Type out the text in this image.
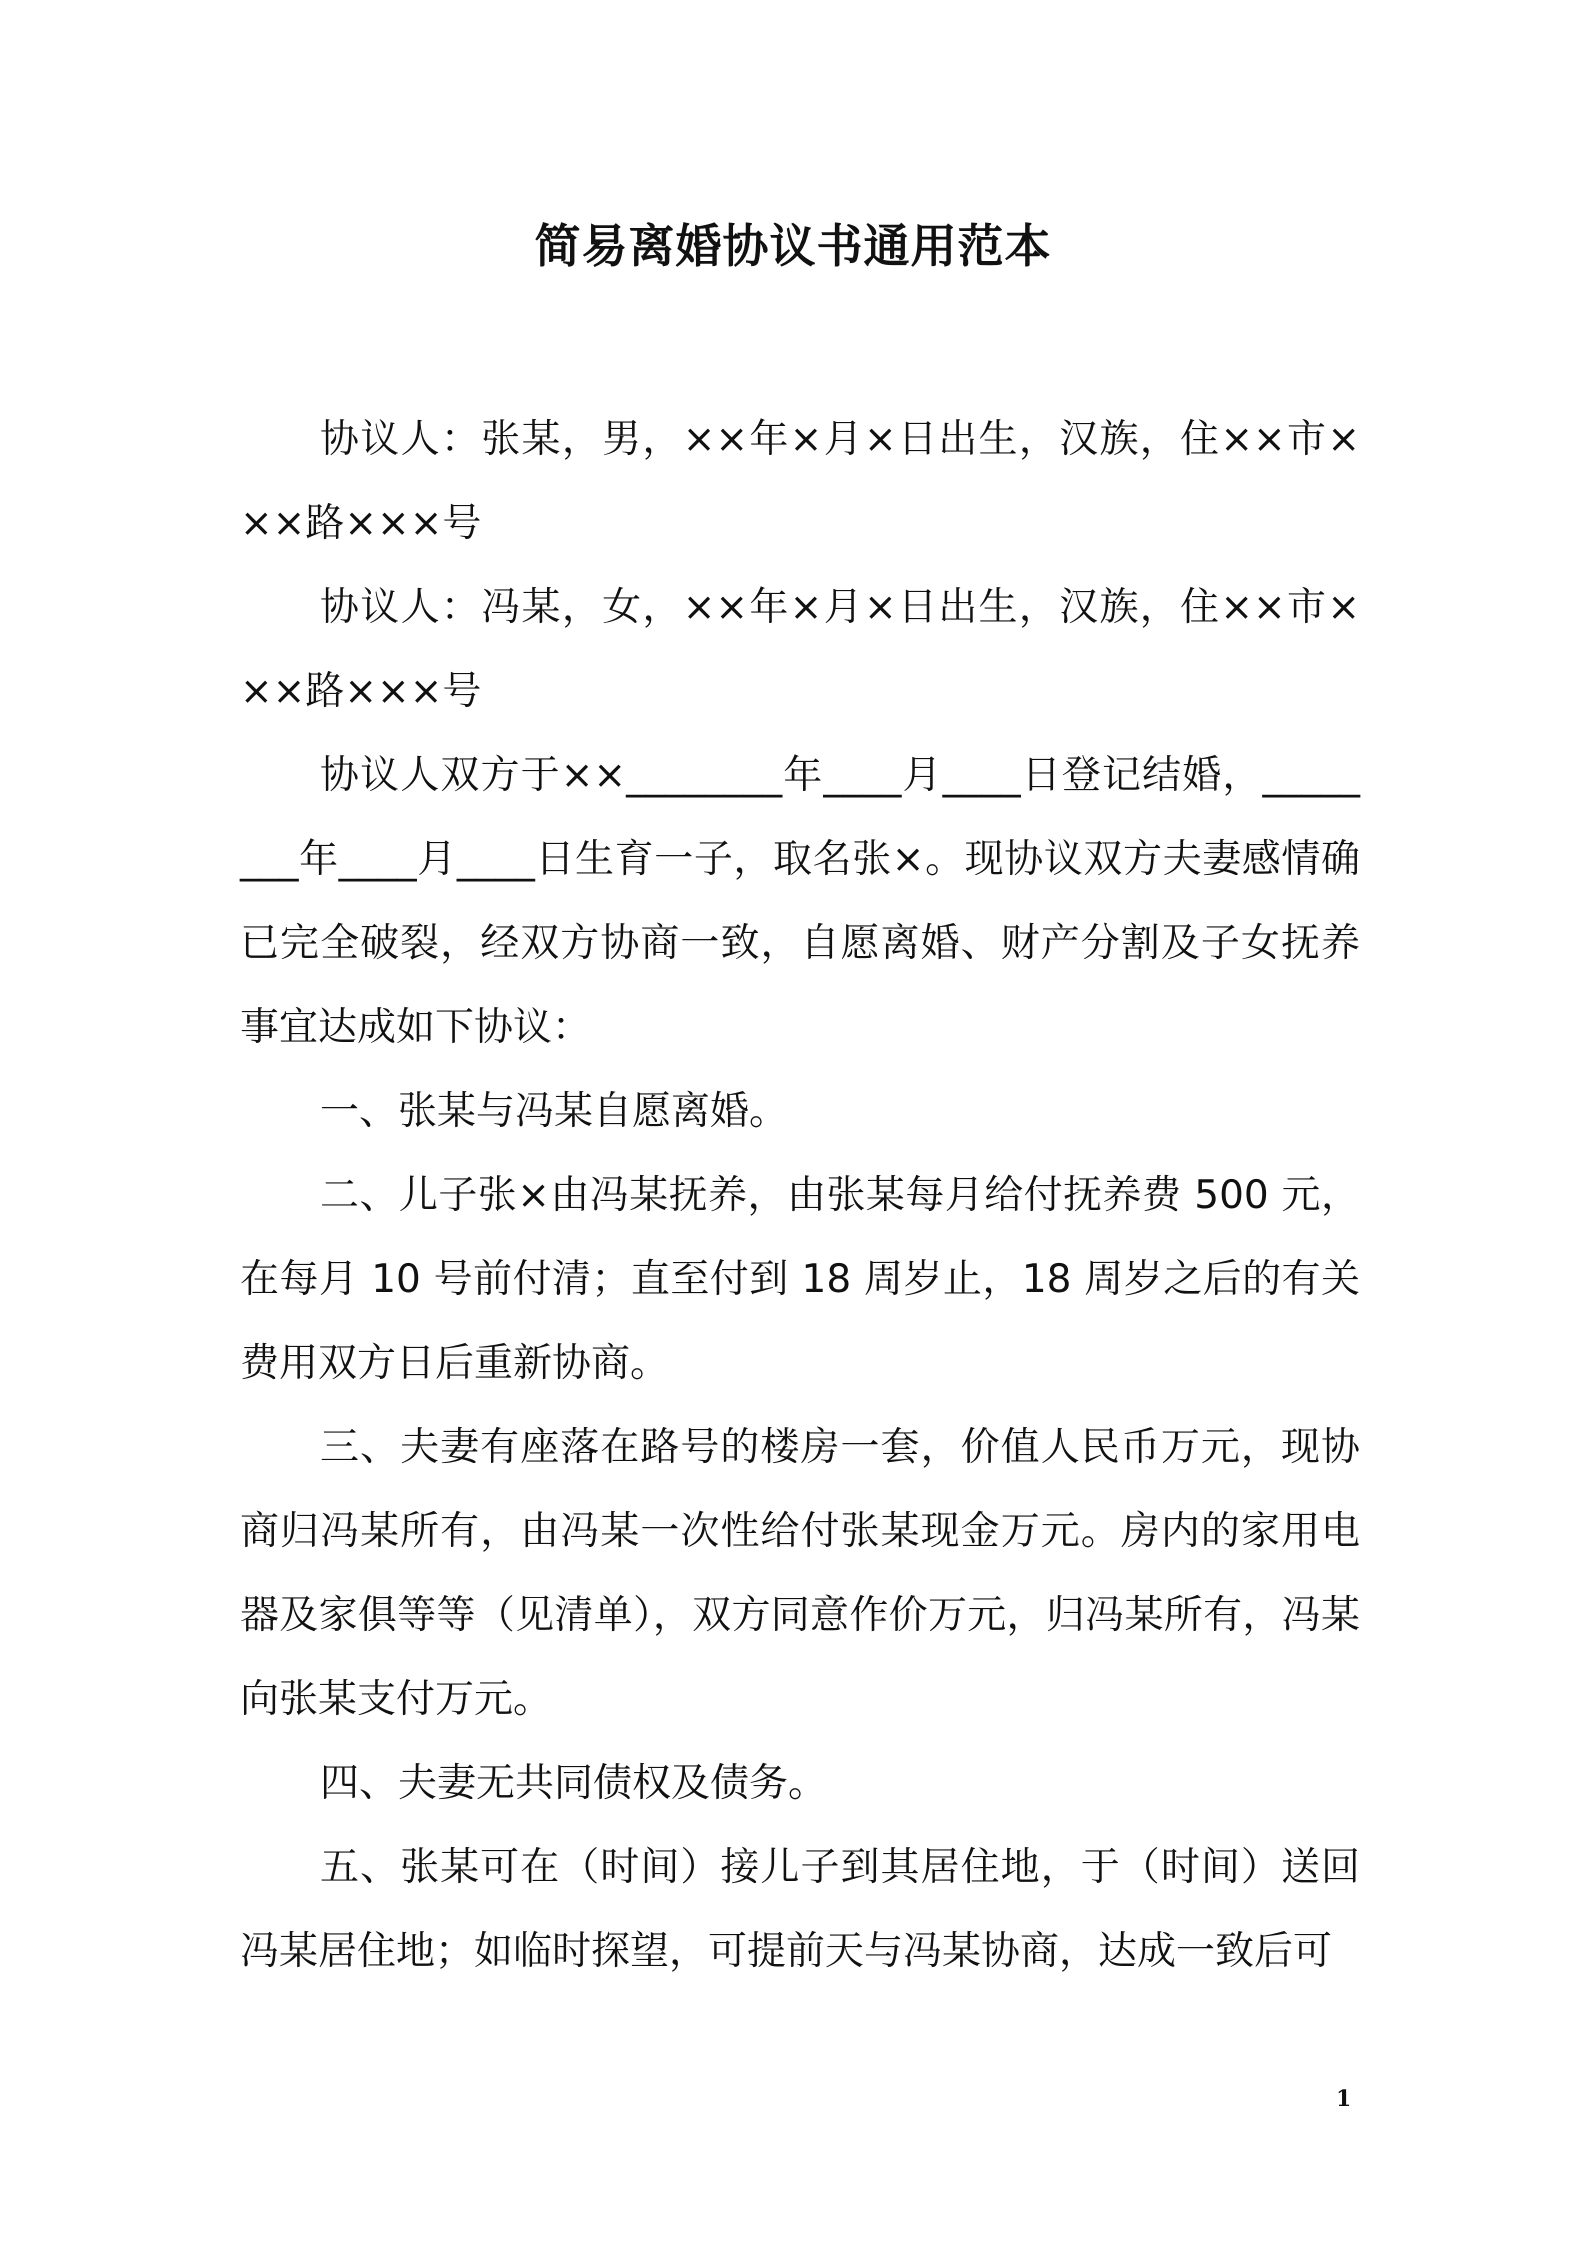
简易离婚协议书通用范本

协议人：张某，男，××年×月×日出生，汉族，住××市×××路×××号

协议人：冯某，女，××年×月×日出生，汉族，住××市×××路×××号

协议人双方于××________年____月____日登记结婚，________年____月____日生育一子，取名张×。现协议双方夫妻感情确已完全破裂，经双方协商一致，自愿离婚、财产分割及子女抚养事宜达成如下协议：

一、张某与冯某自愿离婚。

二、儿子张×由冯某抚养，由张某每月给付抚养费 500 元，在每月 10 号前付清；直至付到 18 周岁止，18 周岁之后的有关费用双方日后重新协商。

三、夫妻有座落在路号的楼房一套，价值人民币万元，现协商归冯某所有，由冯某一次性给付张某现金万元。房内的家用电器及家俱等等（见清单），双方同意作价万元，归冯某所有，冯某向张某支付万元。

四、夫妻无共同债权及债务。

五、张某可在（时间）接儿子到其居住地，于（时间）送回冯某居住地；如临时探望，可提前天与冯某协商，达成一致后可

1
